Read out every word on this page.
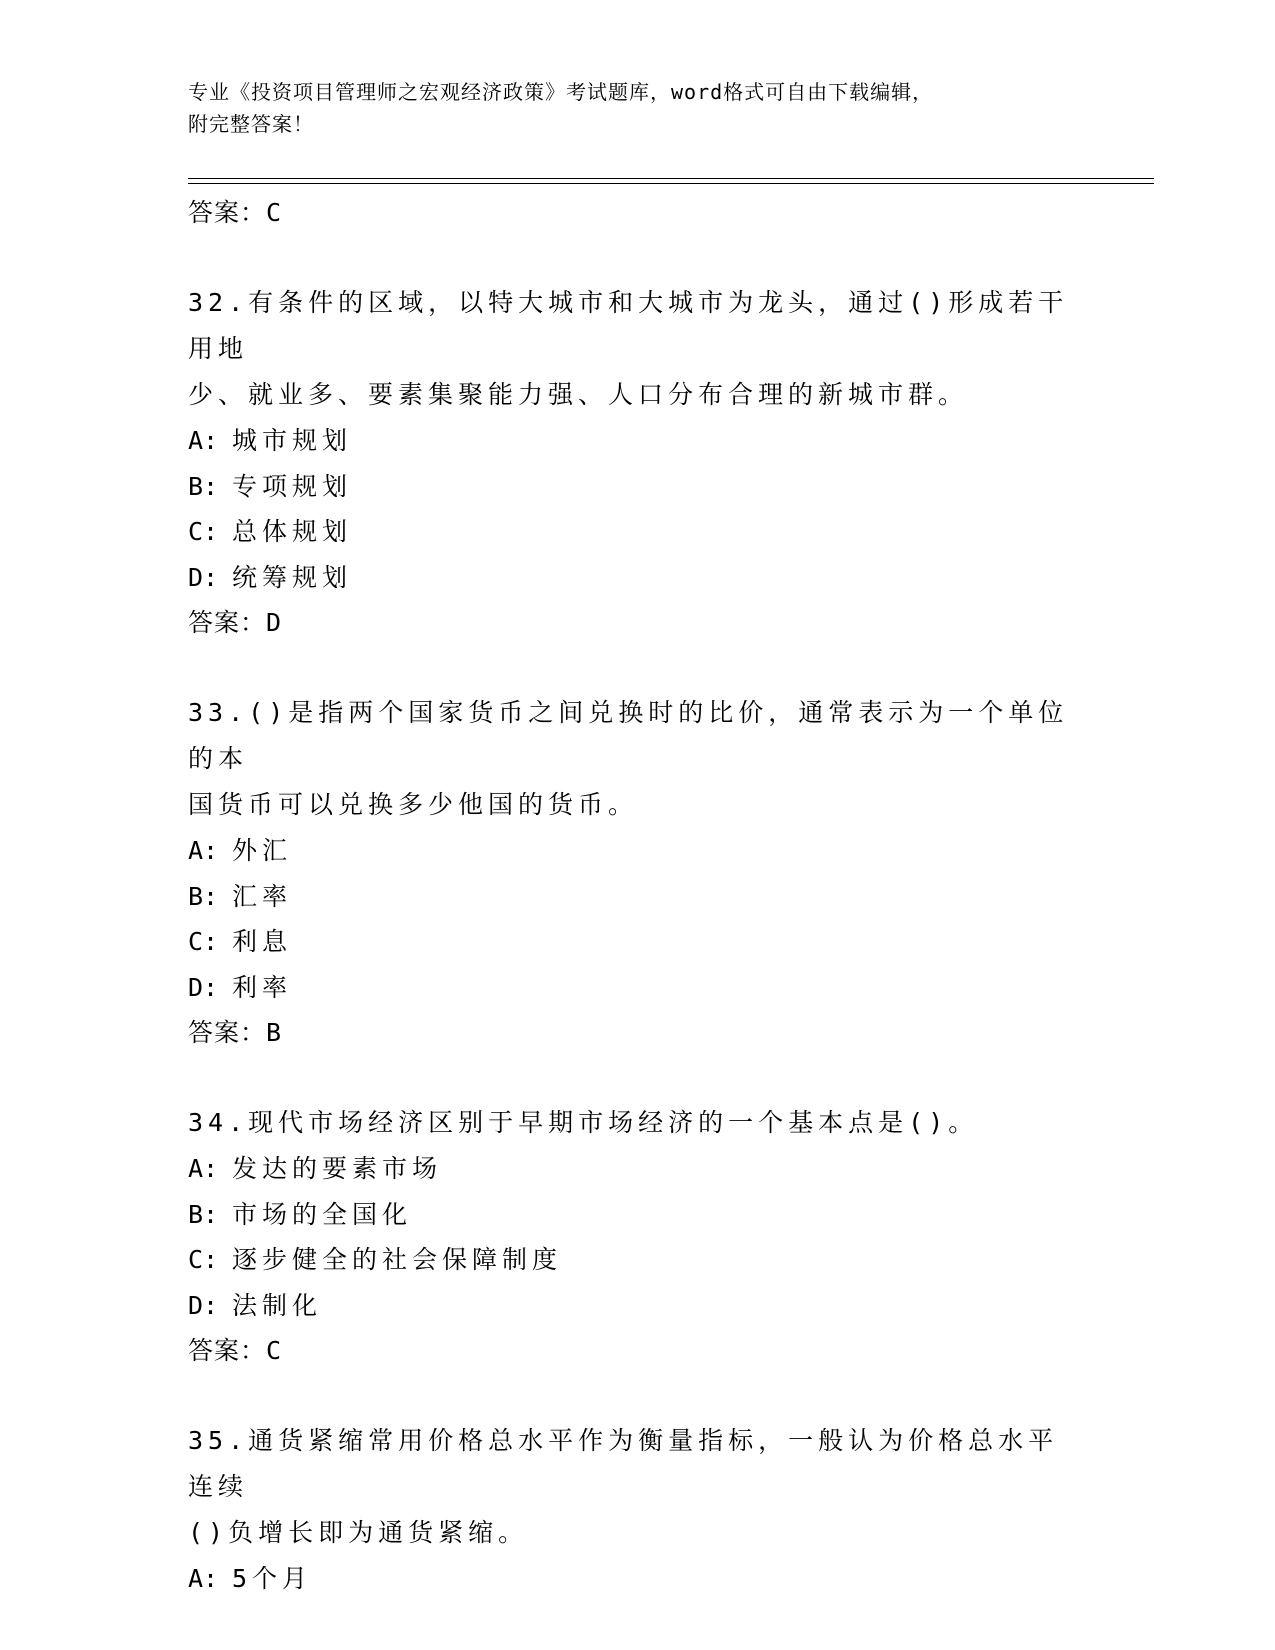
专业《投资项目管理师之宏观经济政策》考试题库，word格式可自由下载编辑，
附完整答案！
答案：C
32.有条件的区域，以特大城市和大城市为龙头，通过()形成若干用地
少、就业多、要素集聚能力强、人口分布合理的新城市群。
A: 城市规划
B: 专项规划
C: 总体规划
D: 统筹规划
答案：D
33.()是指两个国家货币之间兑换时的比价，通常表示为一个单位的本
国货币可以兑换多少他国的货币。
A: 外汇
B: 汇率
C: 利息
D: 利率
答案：B
34.现代市场经济区别于早期市场经济的一个基本点是()。
A: 发达的要素市场
B: 市场的全国化
C: 逐步健全的社会保障制度
D: 法制化
答案：C
35.通货紧缩常用价格总水平作为衡量指标，一般认为价格总水平连续
()负增长即为通货紧缩。
A: 5个月
